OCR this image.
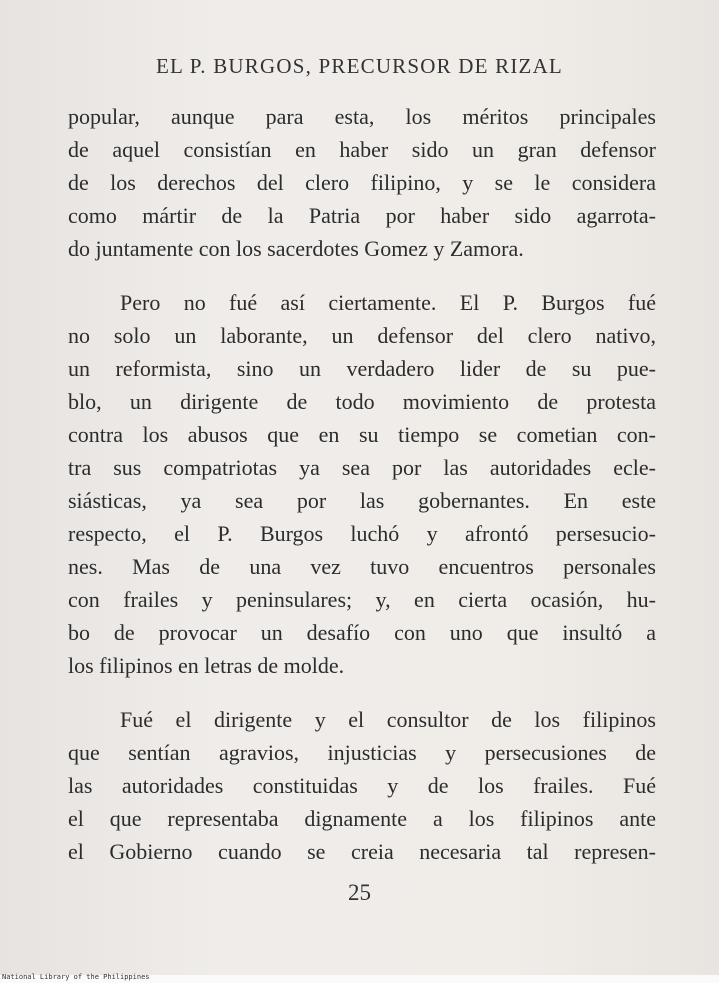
EL P. BURGOS, PRECURSOR DE RIZAL

popular, aunque para esta, los méritos principales
de aquel consistían en haber sido un gran defensor
de los derechos del clero filipino, y se le considera
como mártir de la Patria por haber sido agarrota-
do juntamente con los sacerdotes Gomez y Zamora.

Pero no fué así ciertamente. El P. Burgos fué
no solo un laborante, un defensor del clero nativo,
un reformista, sino un verdadero lider de su pue-
blo, un dirigente de todo movimiento de protesta
contra los abusos que en su tiempo se cometian con-
tra sus compatriotas ya sea por las autoridades ecle-
siásticas, ya sea por las gobernantes. En este
respecto, el P. Burgos luchó y afrontó persesucio-
nes. Mas de una vez tuvo encuentros personales
con frailes y peninsulares; y, en cierta ocasión, hu-
bo de provocar un desafío con uno que insultó a
los filipinos en letras de molde.

Fué el dirigente y el consultor de los filipinos
que sentían agravios, injusticias y persecusiones de
las autoridades constituidas y de los frailes. Fué
el que representaba dignamente a los filipinos ante
el Gobierno cuando se creia necesaria tal represen-

25
National Library of the Philippines
